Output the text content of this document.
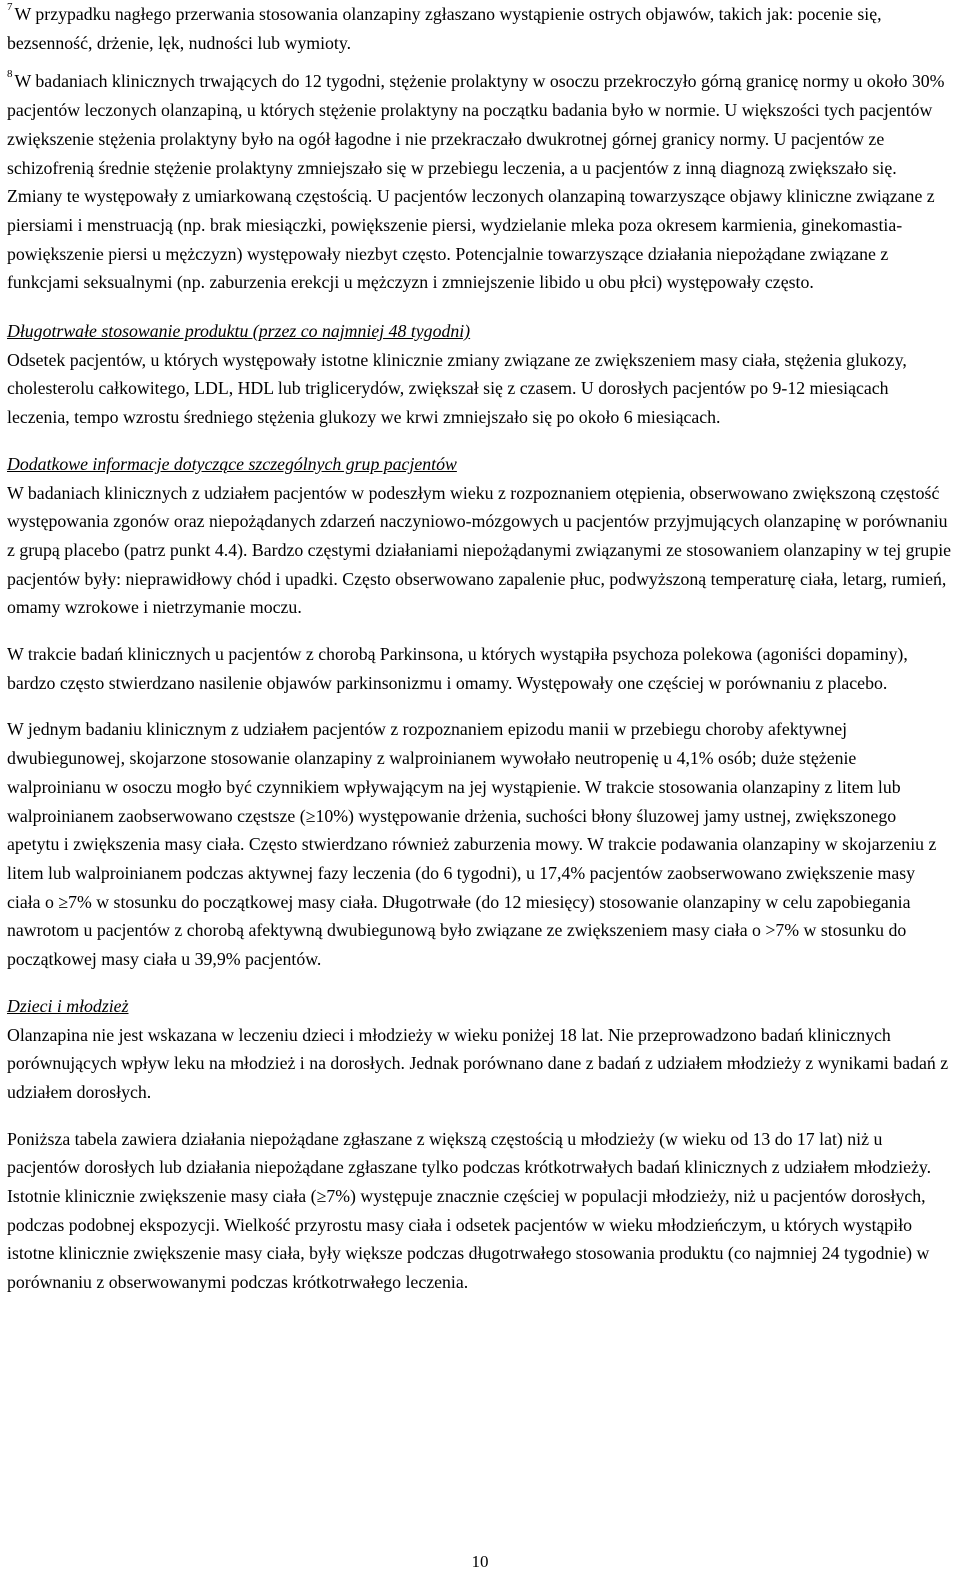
$^7$ W przypadku nagłego przerwania stosowania olanzapiny zgłaszano wystąpienie ostrych objawów, takich jak: pocenie się, bezsenność, drżenie, lęk, nudności lub wymioty.

$^8$ W badaniach klinicznych trwających do 12 tygodni, stężenie prolaktyny w osoczu przekroczyło górną granicę normy u około 30% pacjentów leczonych olanzapiną, u których stężenie prolaktyny na początku badania było w normie. U większości tych pacjentów zwiększenie stężenia prolaktyny było na ogół łagodne i nie przekraczało dwukrotnej górnej granicy normy. U pacjentów ze schizofrenią średnie stężenie prolaktyny zmniejszało się w przebiegu leczenia, a u pacjentów z inną diagnozą zwiększało się. Zmiany te występowały z umiarkowaną częstością. U pacjentów leczonych olanzapiną towarzyszące objawy kliniczne związane z piersiami i menstruacją (np. brak miesiączki, powiększenie piersi, wydzielanie mleka poza okresem karmienia, ginekomastia- powiększenie piersi u mężczyzn) występowały niezbyt często. Potencjalnie towarzyszące działania niepożądane związane z funkcjami seksualnymi (np. zaburzenia erekcji u mężczyzn i zmniejszenie libido u obu płci) występowały często.

Długotrwałe stosowanie produktu (przez co najmniej 48 tygodni)

Odsetek pacjentów, u których występowały istotne klinicznie zmiany związane ze zwiększeniem masy ciała, stężenia glukozy, cholesterolu całkowitego, LDL, HDL lub triglicerydów, zwiększał się z czasem. U dorosłych pacjentów po 9-12 miesiącach leczenia, tempo wzrostu średniego stężenia glukozy we krwi zmniejszało się po około 6 miesiącach.

Dodatkowe informacje dotyczące szczególnych grup pacjentów

W badaniach klinicznych z udziałem pacjentów w podeszłym wieku z rozpoznaniem otępienia, obserwowano zwiększoną częstość występowania zgonów oraz niepożądanych zdarzeń naczyniowo-mózgowych u pacjentów przyjmujących olanzapinę w porównaniu z grupą placebo (patrz punkt 4.4). Bardzo częstymi działaniami niepożądanymi związanymi ze stosowaniem olanzapiny w tej grupie pacjentów były: nieprawidłowy chód i upadki. Często obserwowano zapalenie płuc, podwyższoną temperaturę ciała, letarg, rumień, omamy wzrokowe i nietrzymanie moczu.

W trakcie badań klinicznych u pacjentów z chorobą Parkinsona, u których wystąpiła psychoza polekowa (agoniści dopaminy), bardzo często stwierdzano nasilenie objawów parkinsonizmu i omamy. Występowały one częściej w porównaniu z placebo.

W jednym badaniu klinicznym z udziałem pacjentów z rozpoznaniem epizodu manii w przebiegu choroby afektywnej dwubiegunowej, skojarzone stosowanie olanzapiny z walproinianem wywołało neutropenię u 4,1% osób; duże stężenie walproinianu w osoczu mogło być czynnikiem wpływającym na jej wystąpienie. W trakcie stosowania olanzapiny z litem lub walproinianem zaobserwowano częstsze (≥10%) występowanie drżenia, suchości błony śluzowej jamy ustnej, zwiększonego apetytu i zwiększenia masy ciała. Często stwierdzano również zaburzenia mowy. W trakcie podawania olanzapiny w skojarzeniu z litem lub walproinianem podczas aktywnej fazy leczenia (do 6 tygodni), u 17,4% pacjentów zaobserwowano zwiększenie masy ciała o ≥7% w stosunku do początkowej masy ciała. Długotrwałe (do 12 miesięcy) stosowanie olanzapiny w celu zapobiegania nawrotom u pacjentów z chorobą afektywną dwubiegunową było związane ze zwiększeniem masy ciała o >7% w stosunku do początkowej masy ciała u 39,9% pacjentów.

Dzieci i młodzież

Olanzapina nie jest wskazana w leczeniu dzieci i młodzieży w wieku poniżej 18 lat. Nie przeprowadzono badań klinicznych porównujących wpływ leku na młodzież i na dorosłych. Jednak porównano dane z badań z udziałem młodzieży z wynikami badań z udziałem dorosłych.

Poniższa tabela zawiera działania niepożądane zgłaszane z większą częstością u młodzieży (w wieku od 13 do 17 lat) niż u pacjentów dorosłych lub działania niepożądane zgłaszane tylko podczas krótkotrwałych badań klinicznych z udziałem młodzieży. Istotnie klinicznie zwiększenie masy ciała (≥7%) występuje znacznie częściej w populacji młodzieży, niż u pacjentów dorosłych, podczas podobnej ekspozycji. Wielkość przyrostu masy ciała i odsetek pacjentów w wieku młodzieńczym, u których wystąpiło istotne klinicznie zwiększenie masy ciała, były większe podczas długotrwałego stosowania produktu (co najmniej 24 tygodnie) w porównaniu z obserwowanymi podczas krótkotrwałego leczenia.

10
